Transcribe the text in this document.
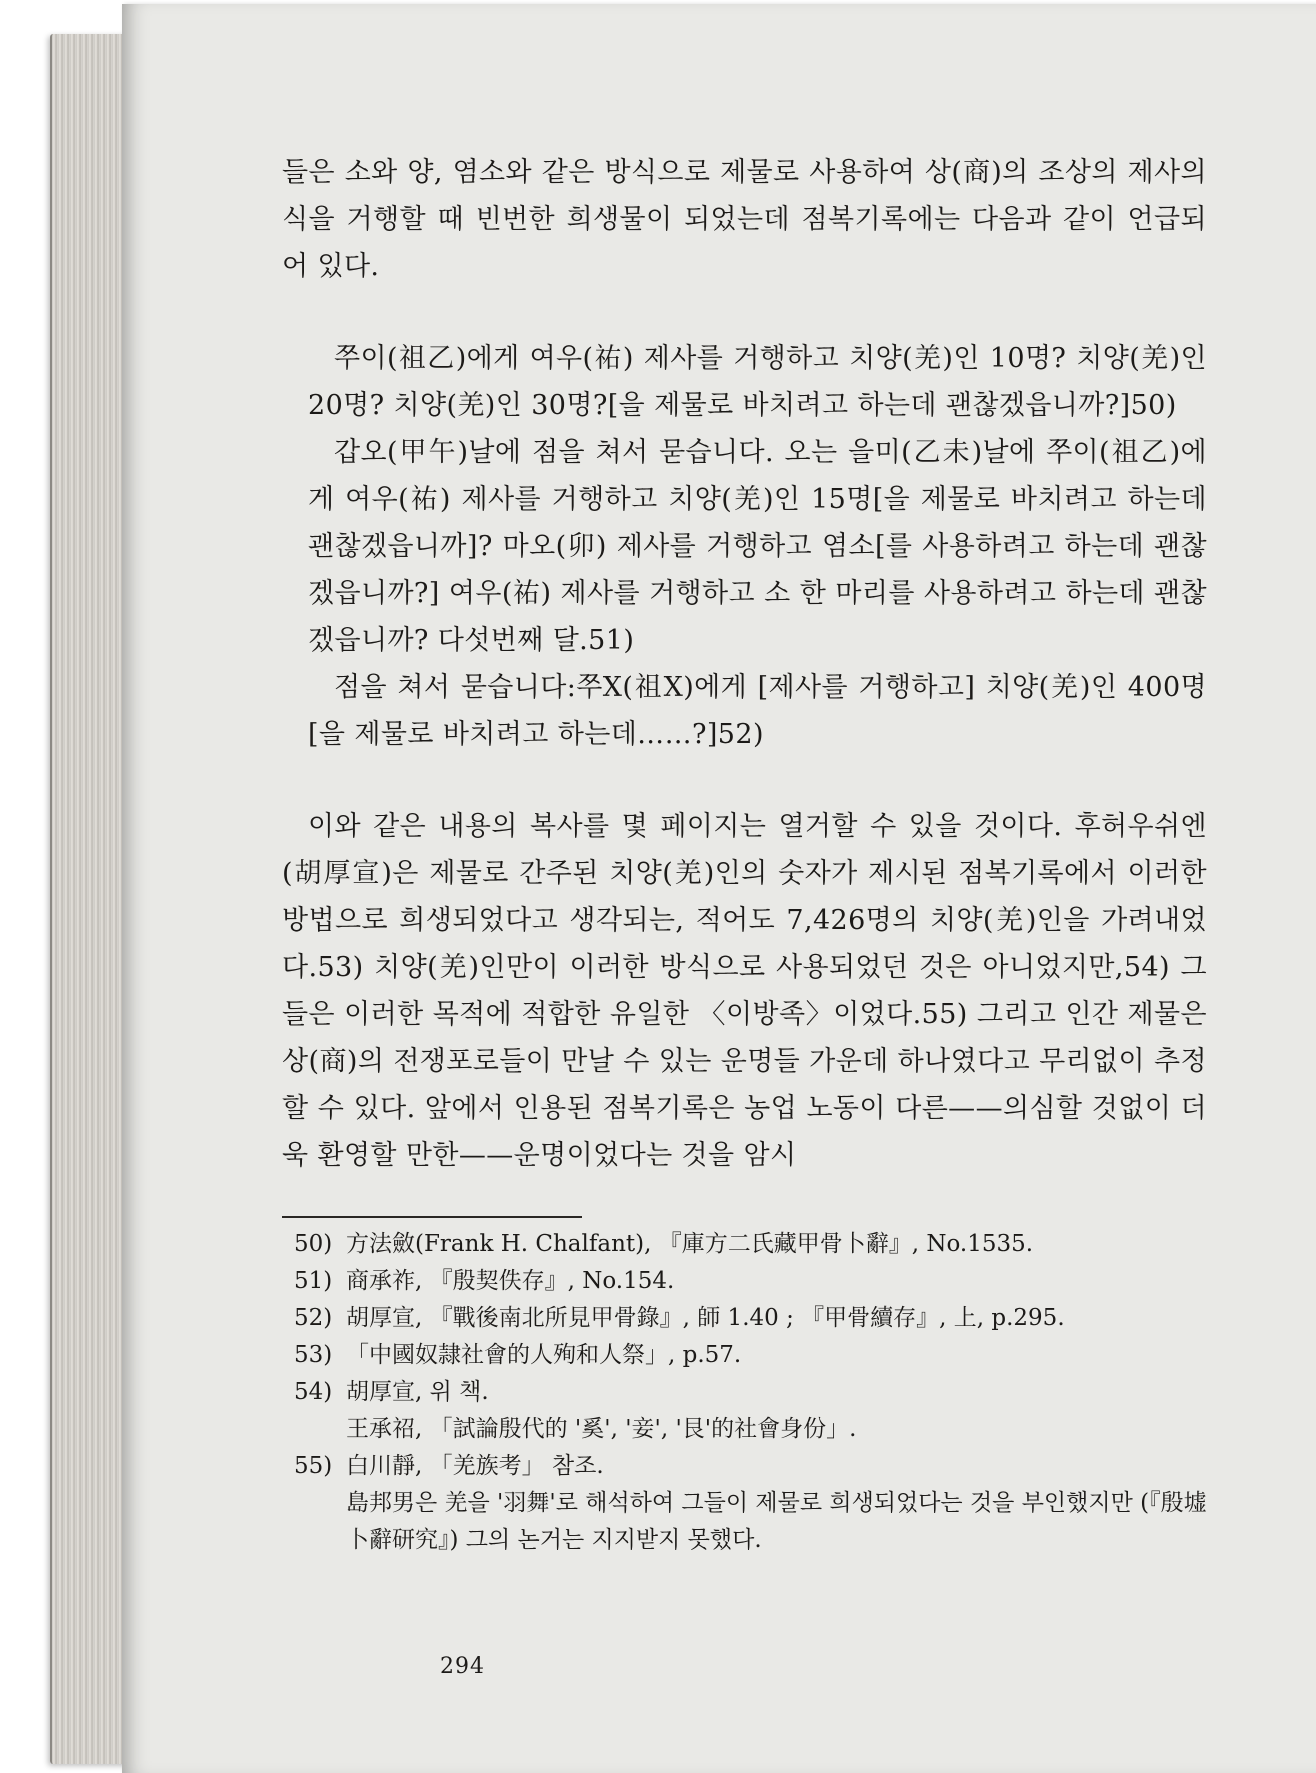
들은 소와 양, 염소와 같은 방식으로 제물로 사용하여 상(商)의 조상의 제사의식을 거행할 때 빈번한 희생물이 되었는데 점복기록에는 다음과 같이 언급되어 있다.

쭈이(祖乙)에게 여우(祐) 제사를 거행하고 치양(羌)인 10명? 치양(羌)인 20명? 치양(羌)인 30명?[을 제물로 바치려고 하는데 괜찮겠읍니까?]50)

갑오(甲午)날에 점을 쳐서 묻습니다. 오는 을미(乙未)날에 쭈이(祖乙)에게 여우(祐) 제사를 거행하고 치양(羌)인 15명[을 제물로 바치려고 하는데 괜찮겠읍니까]? 마오(卯) 제사를 거행하고 염소[를 사용하려고 하는데 괜찮겠읍니까?] 여우(祐) 제사를 거행하고 소 한 마리를 사용하려고 하는데 괜찮겠읍니까? 다섯번째 달.51)

점을 쳐서 묻습니다:쭈X(祖X)에게 [제사를 거행하고] 치양(羌)인 400명[을 제물로 바치려고 하는데……?]52)

이와 같은 내용의 복사를 몇 페이지는 열거할 수 있을 것이다. 후허우쉬엔(胡厚宣)은 제물로 간주된 치양(羌)인의 숫자가 제시된 점복기록에서 이러한 방법으로 희생되었다고 생각되는, 적어도 7,426명의 치양(羌)인을 가려내었다.53) 치양(羌)인만이 이러한 방식으로 사용되었던 것은 아니었지만,54) 그들은 이러한 목적에 적합한 유일한 〈이방족〉이었다.55) 그리고 인간 제물은 상(商)의 전쟁포로들이 만날 수 있는 운명들 가운데 하나였다고 무리없이 추정할 수 있다. 앞에서 인용된 점복기록은 농업 노동이 다른——의심할 것없이 더욱 환영할 만한——운명이었다는 것을 암시

50) 方法斂(Frank H. Chalfant), 『庫方二氏藏甲骨卜辭』, No.1535.
51) 商承祚, 『殷契佚存』, No.154.
52) 胡厚宣, 『戰後南北所見甲骨錄』, 師 1.40 ; 『甲骨續存』, 上, p.295.
53) 「中國奴隷社會的人殉和人祭」, p.57.
54) 胡厚宣, 위 책.
王承祒, 「試論殷代的 '奚', '妾', '艮'的社會身份」.
55) 白川靜, 「羌族考」 참조.
島邦男은 羌을 '羽舞'로 해석하여 그들이 제물로 희생되었다는 것을 부인했지만 (『殷墟卜辭研究』) 그의 논거는 지지받지 못했다.
294
